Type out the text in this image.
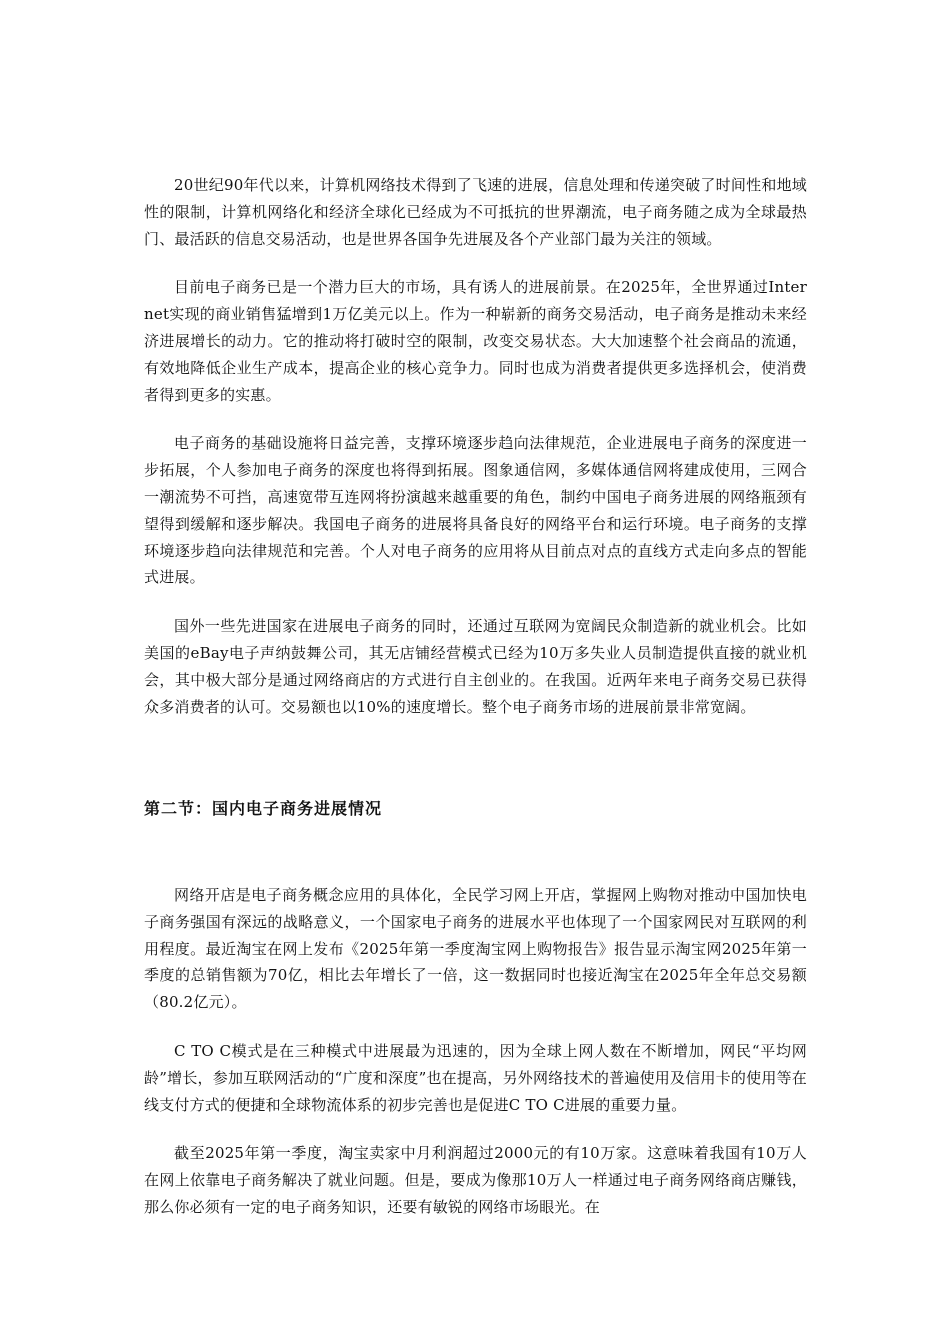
20世纪90年代以来，计算机网络技术得到了飞速的进展，信息处理和传递突破了时间性和地域性的限制，计算机网络化和经济全球化已经成为不可抵抗的世界潮流，电子商务随之成为全球最热门、最活跃的信息交易活动，也是世界各国争先进展及各个产业部门最为关注的领域。

目前电子商务已是一个潜力巨大的市场，具有诱人的进展前景。在2025年，全世界通过Internet实现的商业销售猛增到1万亿美元以上。作为一种崭新的商务交易活动，电子商务是推动未来经济进展增长的动力。它的推动将打破时空的限制，改变交易状态。大大加速整个社会商品的流通，有效地降低企业生产成本，提高企业的核心竞争力。同时也成为消费者提供更多选择机会，使消费者得到更多的实惠。

电子商务的基础设施将日益完善，支撑环境逐步趋向法律规范，企业进展电子商务的深度进一步拓展，个人参加电子商务的深度也将得到拓展。图象通信网，多媒体通信网将建成使用，三网合一潮流势不可挡，高速宽带互连网将扮演越来越重要的角色，制约中国电子商务进展的网络瓶颈有望得到缓解和逐步解决。我国电子商务的进展将具备良好的网络平台和运行环境。电子商务的支撑环境逐步趋向法律规范和完善。个人对电子商务的应用将从目前点对点的直线方式走向多点的智能式进展。

国外一些先进国家在进展电子商务的同时，还通过互联网为宽阔民众制造新的就业机会。比如美国的eBay电子声纳鼓舞公司，其无店铺经营模式已经为10万多失业人员制造提供直接的就业机会，其中极大部分是通过网络商店的方式进行自主创业的。在我国。近两年来电子商务交易已获得众多消费者的认可。交易额也以10%的速度增长。整个电子商务市场的进展前景非常宽阔。

第二节：国内电子商务进展情况

网络开店是电子商务概念应用的具体化，全民学习网上开店，掌握网上购物对推动中国加快电子商务强国有深远的战略意义，一个国家电子商务的进展水平也体现了一个国家网民对互联网的利用程度。最近淘宝在网上发布《2025年第一季度淘宝网上购物报告》报告显示淘宝网2025年第一季度的总销售额为70亿，相比去年增长了一倍，这一数据同时也接近淘宝在2025年全年总交易额（80.2亿元）。

C TO C模式是在三种模式中进展最为迅速的，因为全球上网人数在不断增加，网民“平均网龄”增长，参加互联网活动的“广度和深度”也在提高，另外网络技术的普遍使用及信用卡的使用等在线支付方式的便捷和全球物流体系的初步完善也是促进C TO C进展的重要力量。

截至2025年第一季度，淘宝卖家中月利润超过2000元的有10万家。这意味着我国有10万人在网上依靠电子商务解决了就业问题。但是，要成为像那10万人一样通过电子商务网络商店赚钱，那么你必须有一定的电子商务知识，还要有敏锐的网络市场眼光。在
